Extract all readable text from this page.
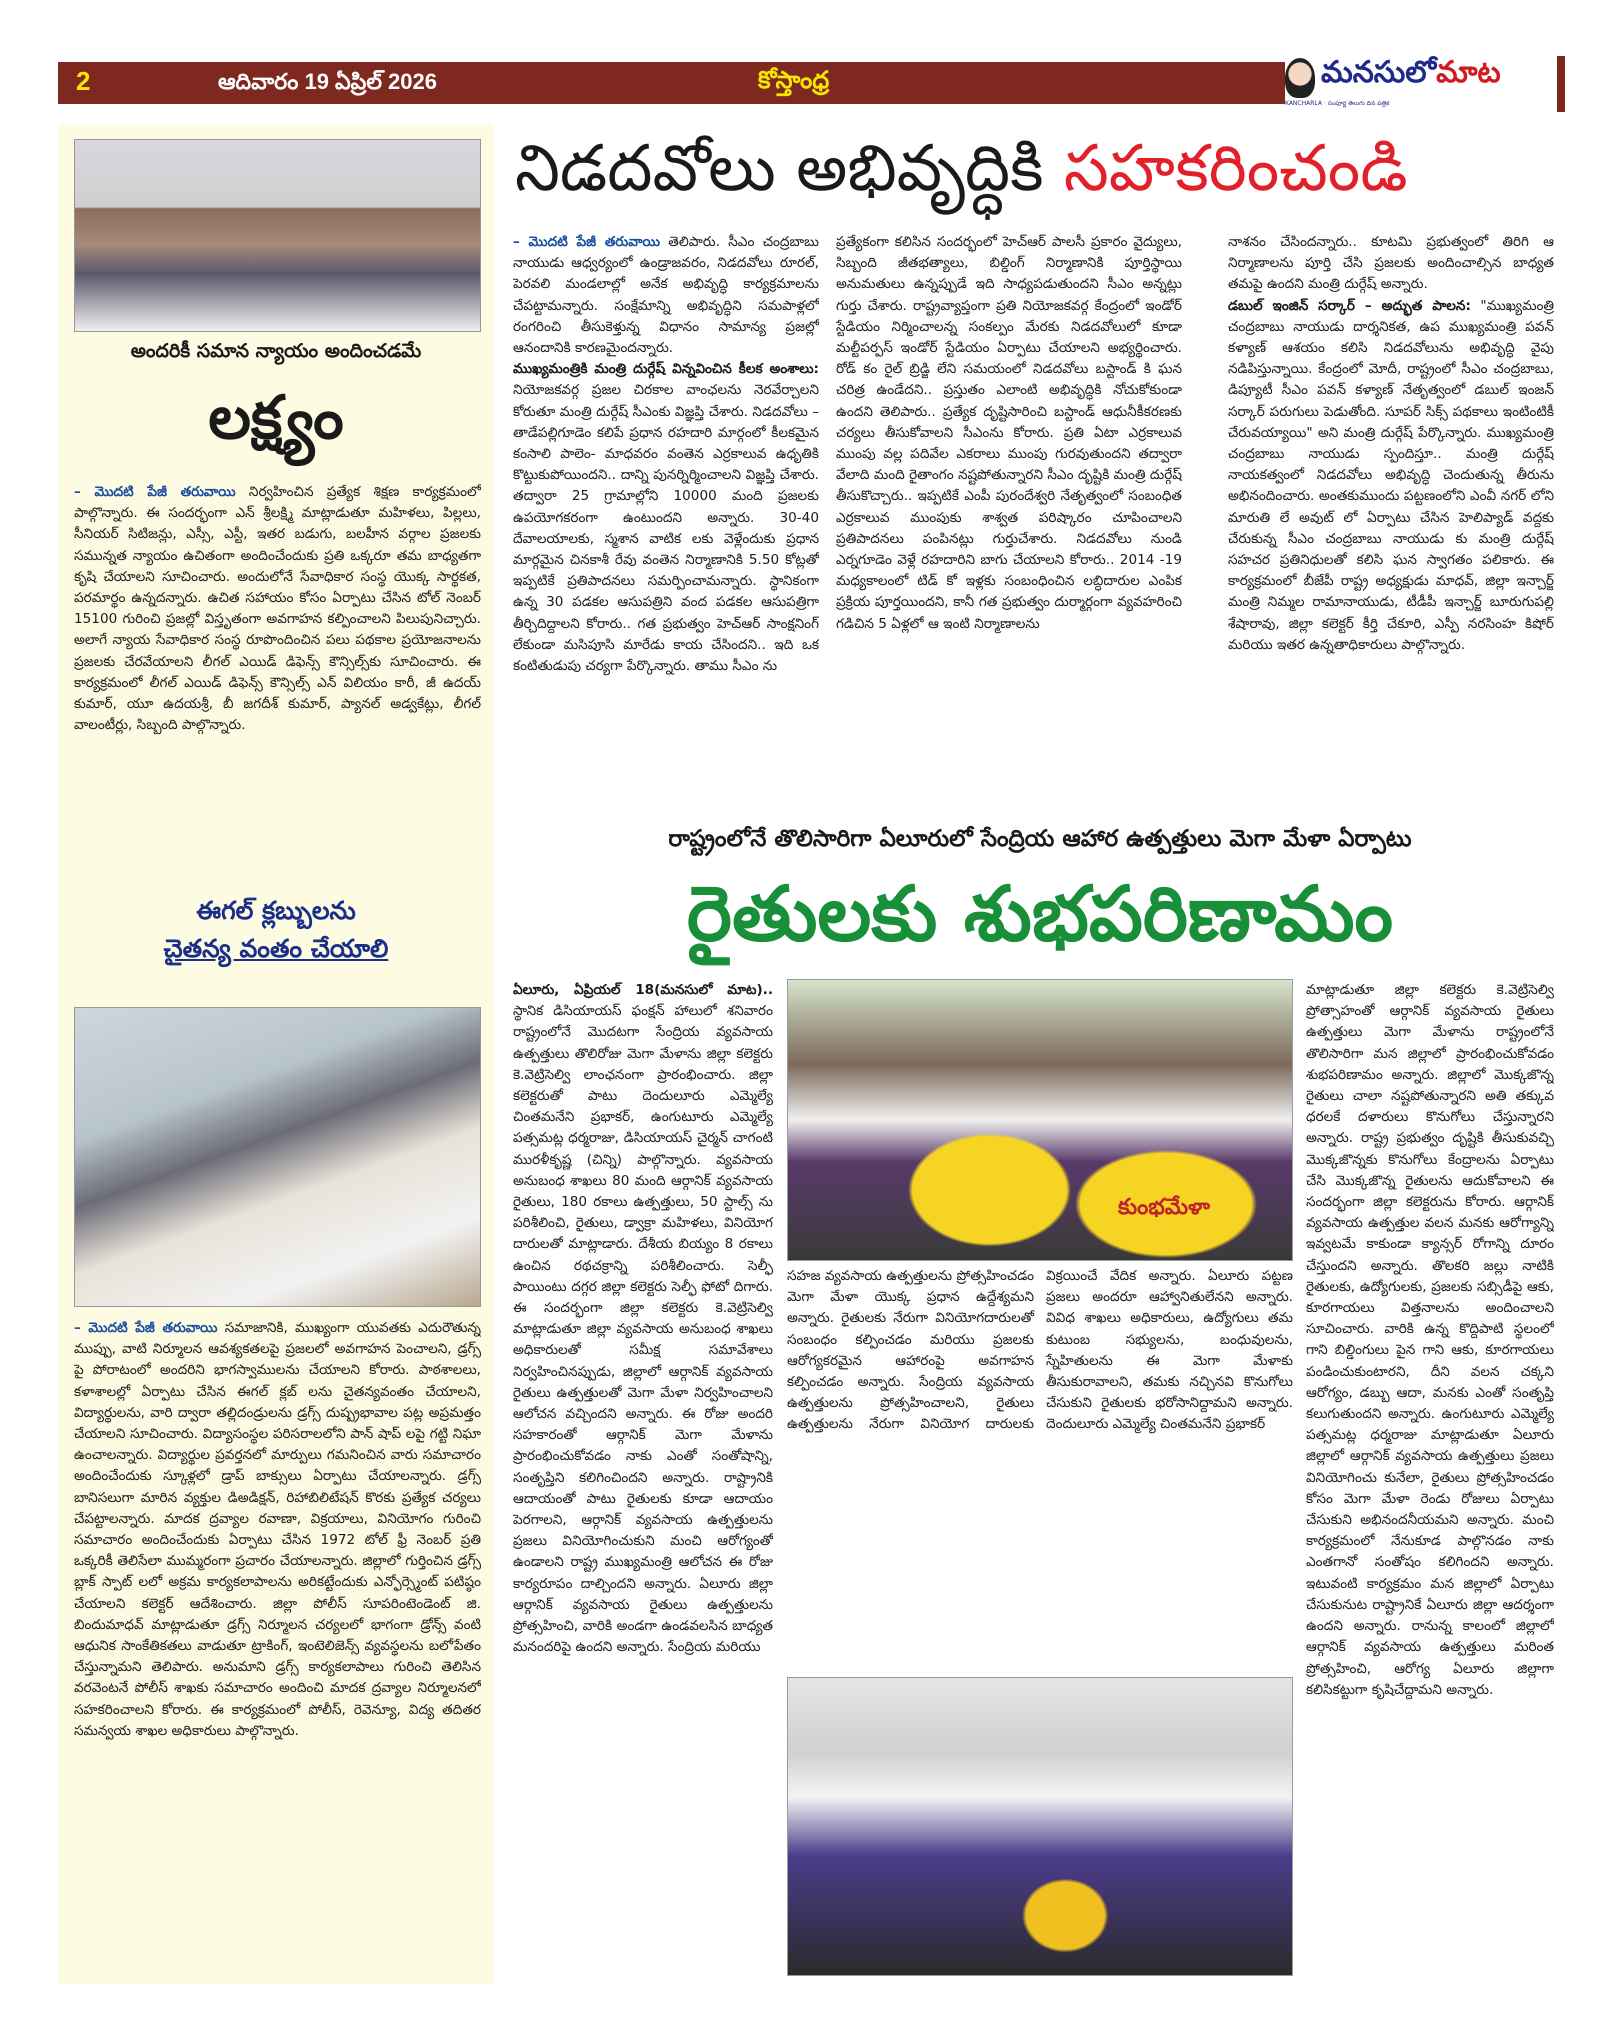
2	ఆదివారం 19 ఏప్రిల్ 2026	కోస్తాంధ్ర	మనసులోమాట
KANCHARLA · సంపూర్ణ తెలుగు దిన పత్రిక
అందరికీ సమాన న్యాయం అందించడమే
లక్ష్యం

– మొదటి పేజీ తరువాయి నిర్వహించిన ప్రత్యేక శిక్షణ కార్యక్రమంలో పాల్గొన్నారు. ఈ సందర్భంగా ఎన్ శ్రీలక్ష్మి మాట్లాడుతూ మహిళలు, పిల్లలు, సీనియర్ సిటిజన్లు, ఎస్సీ, ఎస్టీ, ఇతర బడుగు, బలహీన వర్గాల ప్రజలకు సమున్నత న్యాయం ఉచితంగా అందించేందుకు ప్రతి ఒక్కరూ తమ బాధ్యతగా కృషి చేయాలని సూచించారు. అందులోనే సేవాధికార సంస్థ యొక్క సార్థకత, పరమార్థం ఉన్నదన్నారు. ఉచిత సహాయం కోసం ఏర్పాటు చేసిన టోల్ నెంబర్ 15100 గురించి ప్రజల్లో విస్తృతంగా అవగాహన కల్పించాలని పిలుపునిచ్చారు. అలాగే న్యాయ సేవాధికార సంస్థ రూపొందించిన పలు పథకాల ప్రయోజనాలను ప్రజలకు చేరవేయాలని లీగల్ ఎయిడ్ డిఫెన్స్ కౌన్సిల్స్‌కు సూచించారు. ఈ కార్యక్రమంలో లీగల్ ఎయిడ్ డిఫెన్స్ కౌన్సిల్స్ ఎన్ విలియం కారీ, జీ ఉదయ్ కుమార్, యూ ఉదయశ్రీ, బీ జగదీశ్ కుమార్, ప్యానల్ అడ్వకేట్లు, లీగల్ వాలంటీర్లు, సిబ్బంది పాల్గొన్నారు.

ఈగల్ క్లబ్బులను
చైతన్య వంతం చేయాలి

– మొదటి పేజీ తరువాయి సమాజానికి, ముఖ్యంగా యువతకు ఎదురౌతున్న ముప్పు, వాటి నిర్మూలన ఆవశ్యకతలపై ప్రజలలో అవగాహన పెంచాలని, డ్రగ్స్ పై పోరాటంలో అందరిని భాగస్వాములను చేయాలని కోరారు. పాఠశాలలు, కళాశాలల్లో ఏర్పాటు చేసిన ఈగల్ క్లబ్ లను చైతన్యవంతం చేయాలని, విద్యార్థులను, వారి ద్వారా తల్లిదండ్రులను డ్రగ్స్ దుష్ప్రభావాల పట్ల అప్రమత్తం చేయాలని సూచించారు. విద్యాసంస్థల పరిసరాలలోని పాన్ షాప్ లపై గట్టి నిఘా ఉంచాలన్నారు. విద్యార్థుల ప్రవర్తనలో మార్పులు గమనించిన వారు సమాచారం అందించేందుకు స్కూళ్లలో డ్రాప్ బాక్సులు ఏర్పాటు చేయాలన్నారు. డ్రగ్స్ బానిసలుగా మారిన వ్యక్తుల డిఅడిక్షన్, రిహాబిలిటేషన్ కొరకు ప్రత్యేక చర్యలు చేపట్టాలన్నారు. మాదక ద్రవ్యాల రవాణా, విక్రయాలు, వినియోగం గురించి సమాచారం అందించేందుకు ఏర్పాటు చేసిన 1972 టోల్ ఫ్రీ నెంబర్ ప్రతి ఒక్కరికీ తెలిసేలా ముమ్మరంగా ప్రచారం చేయాలన్నారు. జిల్లాలో గుర్తించిన డ్రగ్స్ బ్లాక్ స్పాట్ లలో అక్రమ కార్యకలాపాలను అరికట్టేందుకు ఎన్ఫోర్స్మెంట్ పటిష్ఠం చేయాలని కలెక్టర్ ఆదేశించారు. జిల్లా పోలీస్ సూపరింటెండెంట్ జి. బిందుమాధవ్ మాట్లాడుతూ డ్రగ్స్ నిర్మూలన చర్యలలో భాగంగా డ్రోన్స్ వంటి ఆధునిక సాంకేతికతలు వాడుతూ ట్రాకింగ్, ఇంటెలిజెన్స్ వ్యవస్థలను బలోపేతం చేస్తున్నామని తెలిపారు. అనుమాని డ్రగ్స్ కార్యకలాపాలు గురించి తెలిసిన వరవెంటనే పోలీస్ శాఖకు సమాచారం అందించి మాదక ద్రవ్యాల నిర్మూలనలో సహకరించాలని కోరారు. ఈ కార్యక్రమంలో పోలీస్, రెవెన్యూ, విద్య తదితర సమన్వయ శాఖల అధికారులు పాల్గొన్నారు.

నిడదవోలు అభివృద్ధికి సహకరించండి

– మొదటి పేజీ తరువాయి తెలిపారు. సీఎం చంద్రబాబు నాయుడు ఆధ్వర్యంలో ఉండ్రాజవరం, నిడదవోలు రూరల్, పెరవలి మండలాల్లో అనేక అభివృద్ధి కార్యక్రమాలను చేపట్టామన్నారు. సంక్షేమాన్ని అభివృద్ధిని సమపాళ్లలో రంగరించి తీసుకెళ్తున్న విధానం సామాన్య ప్రజల్లో ఆనందానికి కారణమైందన్నారు.

ముఖ్యమంత్రికి మంత్రి దుర్గేష్ విన్నవించిన కీలక అంశాలు: నియోజకవర్గ ప్రజల చిరకాల వాంఛలను నెరవేర్చాలని కోరుతూ మంత్రి దుర్గేష్ సీఎంకు విజ్ఞప్తి చేశారు. నిడదవోలు –తాడేపల్లిగూడెం కలిపే ప్రధాన రహదారి మార్గంలో కీలకమైన కంసాలి పాలెం- మాధవరం వంతెన ఎర్రకాలువ ఉధృతికి కొట్టుకుపోయిందని.. దాన్ని పునర్నిర్మించాలని విజ్ఞప్తి చేశారు. తద్వారా 25 గ్రామాల్లోని 10000 మంది ప్రజలకు ఉపయోగకరంగా ఉంటుందని అన్నారు. 30-40 దేవాలయాలకు, స్మశాన వాటిక లకు వెళ్లేందుకు ప్రధాన మార్గమైన చినకాశీ రేవు వంతెన నిర్మాణానికి 5.50 కోట్లతో ఇప్పటికే ప్రతిపాదనలు సమర్పించామన్నారు. స్థానికంగా ఉన్న 30 పడకల ఆసుపత్రిని వంద పడకల ఆసుపత్రిగా తీర్చిదిద్దాలని కోరారు.. గత ప్రభుత్వం హెచ్ఆర్ సాంక్షనింగ్ లేకుండా మసిపూసి మారేడు కాయ చేసిందని.. ఇది ఒక కంటితుడుపు చర్యగా పేర్కొన్నారు. తాము సీఎం ను

ప్రత్యేకంగా కలిసిన సందర్భంలో హెచ్ఆర్ పాలసీ ప్రకారం వైద్యులు, సిబ్బంది జీతభత్యాలు, బిల్డింగ్ నిర్మాణానికి పూర్తిస్థాయి అనుమతులు ఉన్నప్పుడే ఇది సాధ్యపడుతుందని సీఎం అన్నట్లు గుర్తు చేశారు. రాష్ట్రవ్యాప్తంగా ప్రతి నియోజకవర్గ కేంద్రంలో ఇండోర్ స్టేడియం నిర్మించాలన్న సంకల్పం మేరకు నిడదవోలులో కూడా మల్టీపర్పస్ ఇండోర్ స్టేడియం ఏర్పాటు చేయాలని అభ్యర్థించారు. రోడ్ కం రైల్ బ్రిడ్జి లేని సమయంలో నిడదవోలు బస్టాండ్ కి ఘన చరిత్ర ఉండేదని.. ప్రస్తుతం ఎలాంటి అభివృద్ధికి నోచుకోకుండా ఉందని తెలిపారు.. ప్రత్యేక దృష్టిసారించి బస్టాండ్ ఆధునీకీకరణకు చర్యలు తీసుకోవాలని సీఎంను కోరారు. ప్రతి ఏటా ఎర్రకాలువ ముంపు వల్ల పదివేల ఎకరాలు ముంపు గురవుతుందని తద్వారా వేలాది మంది రైతాంగం నష్టపోతున్నారని సీఎం దృష్టికి మంత్రి దుర్గేష్ తీసుకొచ్చారు.. ఇప్పటికే ఎంపీ పురందేశ్వరి నేతృత్వంలో సంబంధిత ఎర్రకాలువ ముంపుకు శాశ్వత పరిష్కారం చూపించాలని ప్రతిపాదనలు పంపినట్లు గుర్తుచేశారు. నిడదవోలు నుండి ఎర్నగూడెం వెళ్లే రహదారిని బాగు చేయాలని కోరారు.. 2014 -19 మధ్యకాలంలో టిడ్ కో ఇళ్లకు సంబంధించిన లబ్ధిదారుల ఎంపిక ప్రక్రియ పూర్తయిందని, కానీ గత ప్రభుత్వం దుర్మార్గంగా వ్యవహరించి గడిచిన 5 ఏళ్లలో ఆ ఇంటి నిర్మాణాలను

నాశనం చేసిందన్నారు.. కూటమి ప్రభుత్వంలో తిరిగి ఆ నిర్మాణాలను పూర్తి చేసి ప్రజలకు అందించాల్సిన బాధ్యత తమపై ఉందని మంత్రి దుర్గేష్ అన్నారు.

డబుల్ ఇంజిన్ సర్కార్ – అద్భుత పాలన: "ముఖ్యమంత్రి చంద్రబాబు నాయుడు దార్శనికత, ఉప ముఖ్యమంత్రి పవన్ కళ్యాణ్ ఆశయం కలిసి నిడదవోలును అభివృద్ధి వైపు నడిపిస్తున్నాయి. కేంద్రంలో మోదీ, రాష్ట్రంలో సీఎం చంద్రబాబు, డిప్యూటీ సీఎం పవన్ కళ్యాణ్ నేతృత్వంలో డబుల్ ఇంజన్ సర్కార్ పరుగులు పెడుతోంది. సూపర్ సిక్స్ పథకాలు ఇంటింటికీ చేరువయ్యాయి" అని మంత్రి దుర్గేష్ పేర్కొన్నారు. ముఖ్యమంత్రి చంద్రబాబు నాయుడు స్పందిస్తూ.. మంత్రి దుర్గేష్ నాయకత్వంలో నిడదవోలు అభివృద్ధి చెందుతున్న తీరును అభినందించారు. అంతకుముందు పట్టణంలోని ఎంవీ నగర్ లోని మారుతి లే అవుట్ లో ఏర్పాటు చేసిన హెలిప్యాడ్ వద్దకు చేరుకున్న సీఎం చంద్రబాబు నాయుడు కు మంత్రి దుర్గేష్ సహచర ప్రతినిధులతో కలిసి ఘన స్వాగతం పలికారు. ఈ కార్యక్రమంలో బీజేపీ రాష్ట్ర అధ్యక్షుడు మాధవ్, జిల్లా ఇన్చార్జ్ మంత్రి నిమ్మల రామానాయుడు, టీడీపీ ఇన్చార్జ్ బూరుగుపల్లి శేషారావు, జిల్లా కలెక్టర్ కీర్తి చేకూరి, ఎస్పీ నరసింహ కిషోర్ మరియు ఇతర ఉన్నతాధికారులు పాల్గొన్నారు.

రాష్ట్రంలోనే తొలిసారిగా ఏలూరులో సేంద్రియ ఆహార ఉత్పత్తులు మెగా మేళా ఏర్పాటు
రైతులకు శుభపరిణామం

ఏలూరు, ఏప్రియల్ 18(మనసులో మాట).. స్థానిక డిసియాయస్ ఫంక్షన్ హాలులో శనివారం రాష్ట్రంలోనే మొదటగా సేంద్రియ వ్యవసాయ ఉత్పత్తులు తొలిరోజు మెగా మేళాను జిల్లా కలెక్టరు కె.వెట్రిసెల్వి లాంఛనంగా ప్రారంభించారు. జిల్లా కలెక్టరుతో పాటు దెందులూరు ఎమ్మెల్యే చింతమనేని ప్రభాకర్, ఉంగుటూరు ఎమ్మెల్యే పత్సమట్ల ధర్మరాజు, డిసియాయస్ చైర్మన్ చాగంటి మురళీకృష్ణ (చిన్ని) పాల్గొన్నారు. వ్యవసాయ అనుబంధ శాఖలు 80 మంది ఆర్గానిక్ వ్యవసాయ రైతులు, 180 రకాలు ఉత్పత్తులు, 50 స్టాల్స్ ను పరిశీలించి, రైతులు, డ్వాక్రా మహిళలు, వినియోగ దారులతో మాట్లాడారు. దేశీయ బియ్యం 8 రకాలు ఉంచిన రథచక్రాన్ని పరిశీలించారు. సెల్ఫీ పాయింటు దగ్గర జిల్లా కలెక్టరు సెల్ఫీ ఫోటో దిగారు. ఈ సందర్భంగా జిల్లా కలెక్టరు కె.వెట్రిసెల్వి మాట్లాడుతూ జిల్లా వ్యవసాయ అనుబంధ శాఖలు అధికారులతో సమీక్ష సమావేశాలు నిర్వహించినప్పుడు, జిల్లాలో ఆర్గానిక్ వ్యవసాయ రైతులు ఉత్పత్తులతో మెగా మేళా నిర్వహించాలని ఆలోచన వచ్చిందని అన్నారు. ఈ రోజు అందరి సహకారంతో ఆర్గానిక్ మెగా మేళాను ప్రారంభించుకోవడం నాకు ఎంతో సంతోషాన్ని, సంతృప్తిని కలిగించిందని అన్నారు. రాష్ట్రానికి ఆదాయంతో పాటు రైతులకు కూడా ఆదాయం పెరగాలని, ఆర్గానిక్ వ్యవసాయ ఉత్పత్తులను ప్రజలు వినియోగించుకుని మంచి ఆరోగ్యంతో ఉండాలని రాష్ట్ర ముఖ్యమంత్రి ఆలోచన ఈ రోజు కార్యరూపం దాల్చిందని అన్నారు. ఏలూరు జిల్లా ఆర్గానిక్ వ్యవసాయ రైతులు ఉత్పత్తులను ప్రోత్సహించి, వారికి అండగా ఉండవలసిన బాధ్యత మనందరిపై ఉందని అన్నారు. సేంద్రియ మరియు

కుంభమేళా

సహజ వ్యవసాయ ఉత్పత్తులను ప్రోత్సహించడం మెగా మేళా యొక్క ప్రధాన ఉద్దేశ్యమని అన్నారు. రైతులకు నేరుగా వినియోగదారులతో సంబంధం కల్పించడం మరియు ప్రజలకు ఆరోగ్యకరమైన ఆహారంపై అవగాహన కల్పించడం అన్నారు. సేంద్రియ వ్యవసాయ ఉత్పత్తులను ప్రోత్సహించాలని, రైతులు ఉత్పత్తులను నేరుగా వినియోగ దారులకు విక్రయించే వేదిక అన్నారు. ఏలూరు పట్టణ ప్రజలు అందరూ ఆహ్వానితులేనని అన్నారు. వివిధ శాఖలు అధికారులు, ఉద్యోగులు తమ కుటుంబ సభ్యులను, బంధువులను, స్నేహితులను ఈ మెగా మేళాకు తీసుకురావాలని, తమకు నచ్చినవి కొనుగోలు చేసుకుని రైతులకు భరోసానిద్దామని అన్నారు. దెందులూరు ఎమ్మెల్యే చింతమనేని ప్రభాకర్

మాట్లాడుతూ జిల్లా కలెక్టరు కె.వెట్రిసెల్వి ప్రోత్సాహంతో ఆర్గానిక్ వ్యవసాయ రైతులు ఉత్పత్తులు మెగా మేళాను రాష్ట్రంలోనే తొలిసారిగా మన జిల్లాలో ప్రారంభించుకోవడం శుభపరిణామం అన్నారు. జిల్లాలో మొక్కజొన్న రైతులు చాలా నష్టపోతున్నారని అతి తక్కువ ధరలకే దళారులు కొనుగోలు చేస్తున్నారని అన్నారు. రాష్ట్ర ప్రభుత్వం దృష్టికి తీసుకువచ్చి మొక్కజొన్నకు కొనుగోలు కేంద్రాలను ఏర్పాటు చేసి మొక్కజొన్న రైతులను ఆదుకోవాలని ఈ సందర్భంగా జిల్లా కలెక్టరును కోరారు. ఆర్గానిక్ వ్యవసాయ ఉత్పత్తుల వలన మనకు ఆరోగ్యాన్ని ఇవ్వటమే కాకుండా క్యాన్సర్ రోగాన్ని దూరం చేస్తుందని అన్నారు. తొలకరి జల్లు నాటికి రైతులకు, ఉద్యోగులకు, ప్రజలకు సబ్సిడీపై ఆకు, కూరగాయలు విత్తనాలను అందించాలని సూచించారు. వారికి ఉన్న కొద్దిపాటి స్థలంలో గాని బిల్డింగులు పైన గాని ఆకు, కూరగాయలు పండించుకుంటారని, దీని వలన చక్కని ఆరోగ్యం, డబ్బు ఆదా, మనకు ఎంతో సంతృప్తి కలుగుతుందని అన్నారు. ఉంగుటూరు ఎమ్మెల్యే పత్సమట్ల ధర్మరాజు మాట్లాడుతూ ఏలూరు జిల్లాలో ఆర్గానిక్ వ్యవసాయ ఉత్పత్తులు ప్రజలు వినియోగించు కునేలా, రైతులు ప్రోత్సహించడం కోసం మెగా మేళా రెండు రోజులు ఏర్పాటు చేసుకుని అభినందనీయమని అన్నారు. మంచి కార్యక్రమంలో నేనుకూడ పాల్గొనడం నాకు ఎంతగానో సంతోషం కలిగిందని అన్నారు. ఇటువంటి కార్యక్రమం మన జిల్లాలో ఏర్పాటు చేసుకునుట రాష్ట్రానికే ఏలూరు జిల్లా ఆదర్శంగా ఉందని అన్నారు. రానున్న కాలంలో జిల్లాలో ఆర్గానిక్ వ్యవసాయ ఉత్పత్తులు మరింత ప్రోత్సహించి, ఆరోగ్య ఏలూరు జిల్లాగా కలిసికట్టుగా కృషిచేద్దామని అన్నారు.
